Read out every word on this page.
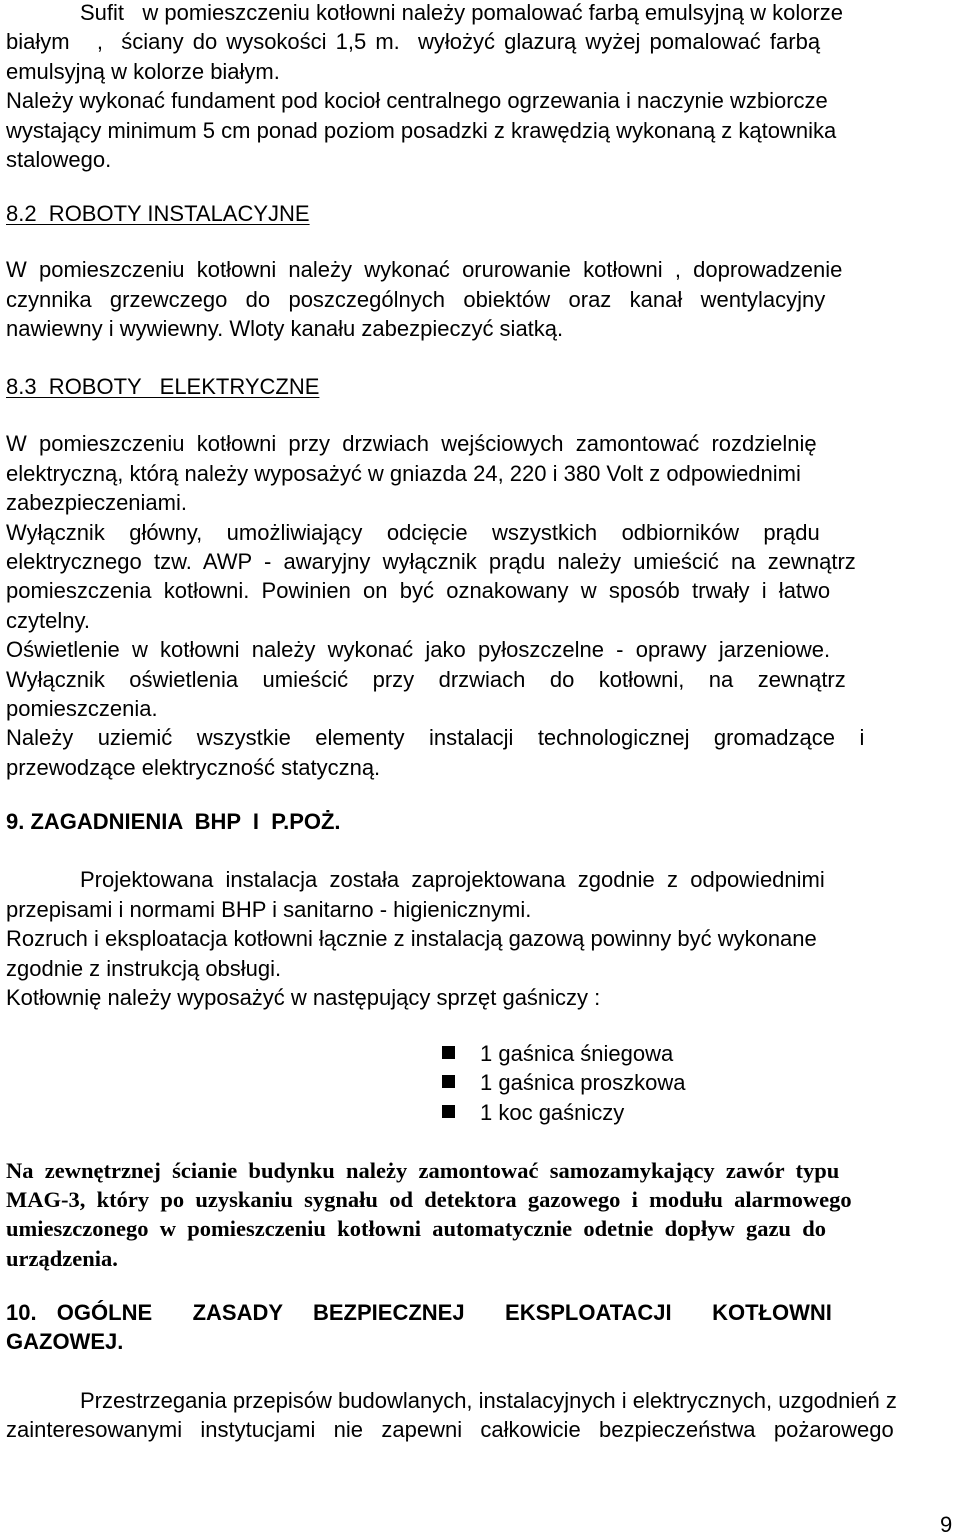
Sufit   w pomieszczeniu kotłowni należy pomalować farbą emulsyjną w kolorze
białym   ,  ściany do wysokości 1,5 m.  wyłożyć glazurą wyżej pomalować farbą
emulsyjną w kolorze białym.
Należy wykonać fundament pod kocioł centralnego ogrzewania i naczynie wzbiorcze
wystający minimum 5 cm ponad poziom posadzki z krawędzią wykonaną z kątownika
stalowego.
8.2  ROBOTY INSTALACYJNE
W  pomieszczeniu  kotłowni  należy  wykonać  orurowanie  kotłowni  ,  doprowadzenie
czynnika   grzewczego   do   poszczególnych   obiektów   oraz   kanał   wentylacyjny
nawiewny i wywiewny. Wloty kanału zabezpieczyć siatką.
8.3  ROBOTY   ELEKTRYCZNE
W  pomieszczeniu  kotłowni  przy  drzwiach  wejściowych  zamontować  rozdzielnię
elektryczną, którą należy wyposażyć w gniazda 24, 220 i 380 Volt z odpowiednimi
zabezpieczeniami.
Wyłącznik    główny,    umożliwiający    odcięcie    wszystkich    odbiorników    prądu
elektrycznego  tzw.  AWP  -  awaryjny  wyłącznik  prądu  należy  umieścić  na  zewnątrz
pomieszczenia  kotłowni.  Powinien  on  być  oznakowany  w  sposób  trwały  i  łatwo
czytelny.
Oświetlenie  w  kotłowni  należy  wykonać  jako  pyłoszczelne  -  oprawy  jarzeniowe.
Wyłącznik    oświetlenia    umieścić    przy    drzwiach    do    kotłowni,    na    zewnątrz
pomieszczenia.
Należy    uziemić    wszystkie    elementy    instalacji    technologicznej    gromadzące    i
przewodzące elektryczność statyczną.
9. ZAGADNIENIA  BHP  I  P.POŻ.
Projektowana  instalacja  została  zaprojektowana  zgodnie  z  odpowiednimi
przepisami i normami BHP i sanitarno - higienicznymi.
Rozruch i eksploatacja kotłowni łącznie z instalacją gazową powinny być wykonane
zgodnie z instrukcją obsługi.
Kotłownię należy wyposażyć w następujący sprzęt gaśniczy :
1 gaśnica śniegowa
1 gaśnica proszkowa
1 koc gaśniczy
Na  zewnętrznej  ścianie  budynku  należy  zamontować  samozamykający  zawór  typu
MAG-3,  który  po  uzyskaniu  sygnału  od  detektora  gazowego  i  modułu  alarmowego
umieszczonego  w  pomieszczeniu  kotłowni  automatycznie  odetnie  dopływ  gazu  do
urządzenia.
10.  OGÓLNE    ZASADY   BEZPIECZNEJ    EKSPLOATACJI    KOTŁOWNI
GAZOWEJ.
Przestrzegania przepisów budowlanych, instalacyjnych i elektrycznych, uzgodnień z
zainteresowanymi   instytucjami   nie   zapewni   całkowicie   bezpieczeństwa   pożarowego
9
